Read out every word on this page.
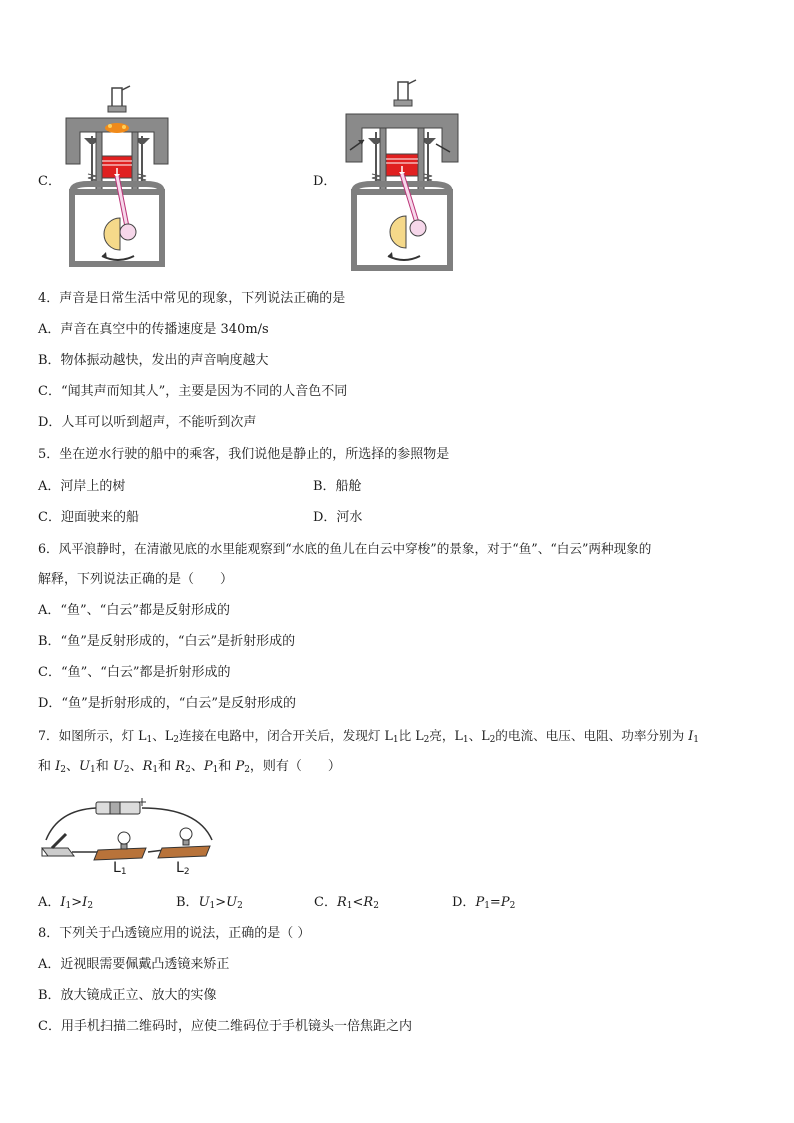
C．	D．
4．声音是日常生活中常见的现象，下列说法正确的是
A．声音在真空中的传播速度是 340m/s
B．物体振动越快，发出的声音响度越大
C．“闻其声而知其人”，主要是因为不同的人音色不同
D．人耳可以听到超声，不能听到次声
5．坐在逆水行驶的船中的乘客，我们说他是静止的，所选择的参照物是
A．河岸上的树	B．船舱
C．迎面驶来的船	D．河水
6．风平浪静时，在清澈见底的水里能观察到“水底的鱼儿在白云中穿梭”的景象，对于“鱼”、“白云”两种现象的
解释，下列说法正确的是（　　）
A．“鱼”、“白云”都是反射形成的
B．“鱼”是反射形成的，“白云”是折射形成的
C．“鱼”、“白云”都是折射形成的
D．“鱼”是折射形成的，“白云”是反射形成的
7．如图所示，灯 $L_1$、$L_2$连接在电路中，闭合开关后，发现灯 $L_1$比 $L_2$亮，$L_1$、$L_2$的电流、电压、电阻、功率分别为 $I_1$
和 $I_2$、$U_1$和 $U_2$、$R_1$和 $R_2$、$P_1$和 $P_2$，则有（　　）
$L_1$	$L_2$
A．$I_1>I_2$	B．$U_1>U_2$	C．$R_1<R_2$	D．$P_1=P_2$
8．下列关于凸透镜应用的说法，正确的是（ ）
A．近视眼需要佩戴凸透镜来矫正
B．放大镜成正立、放大的实像
C．用手机扫描二维码时，应使二维码位于手机镜头一倍焦距之内
